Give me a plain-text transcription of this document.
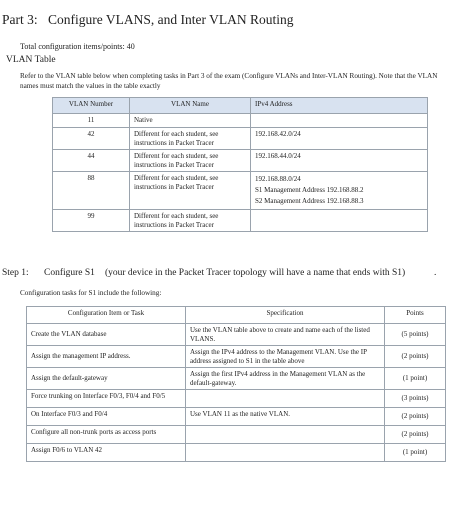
Part 3: Configure VLANS, and Inter VLAN Routing
Total configuration items/points: 40
VLAN Table
Refer to the VLAN table below when completing tasks in Part 3 of the exam (Configure VLANs and Inter-VLAN Routing). Note that the VLAN names must match the values in the table exactly
VLAN Number	VLAN Name	IPv4 Address
11	Native	

42	Different for each student, see instructions in Packet Tracer	192.168.42.0/24

44	Different for each student, see instructions in Packet Tracer	192.168.44.0/24

88	Different for each student, see instructions in Packet Tracer	192.168.88.0/24
S1 Management Address 192.168.88.2
S2 Management Address 192.168.88.3

99	Different for each student, see instructions in Packet Tracer	
Step 1: Configure S1 (your device in the Packet Tracer topology will have a name that ends with S1)	.
Configuration tasks for S1 include the following:
Configuration Item or Task	Specification	Points
Create the VLAN database	Use the VLAN table above to create and name each of the listed VLANS.	(5 points)
Assign the management IP address.	Assign the IPv4 address to the Management VLAN. Use the IP address assigned to S1 in the table above	(2 points)
Assign the default-gateway	Assign the first IPv4 address in the Management VLAN as the default-gateway.	(1 point)
Force trunking on Interface F0/3, F0/4 and F0/5		(3 points)
On Interface F0/3 and F0/4	Use VLAN 11 as the native VLAN.	(2 points)
Configure all non-trunk ports as access ports		(2 points)
Assign F0/6 to VLAN 42		(1 point)
